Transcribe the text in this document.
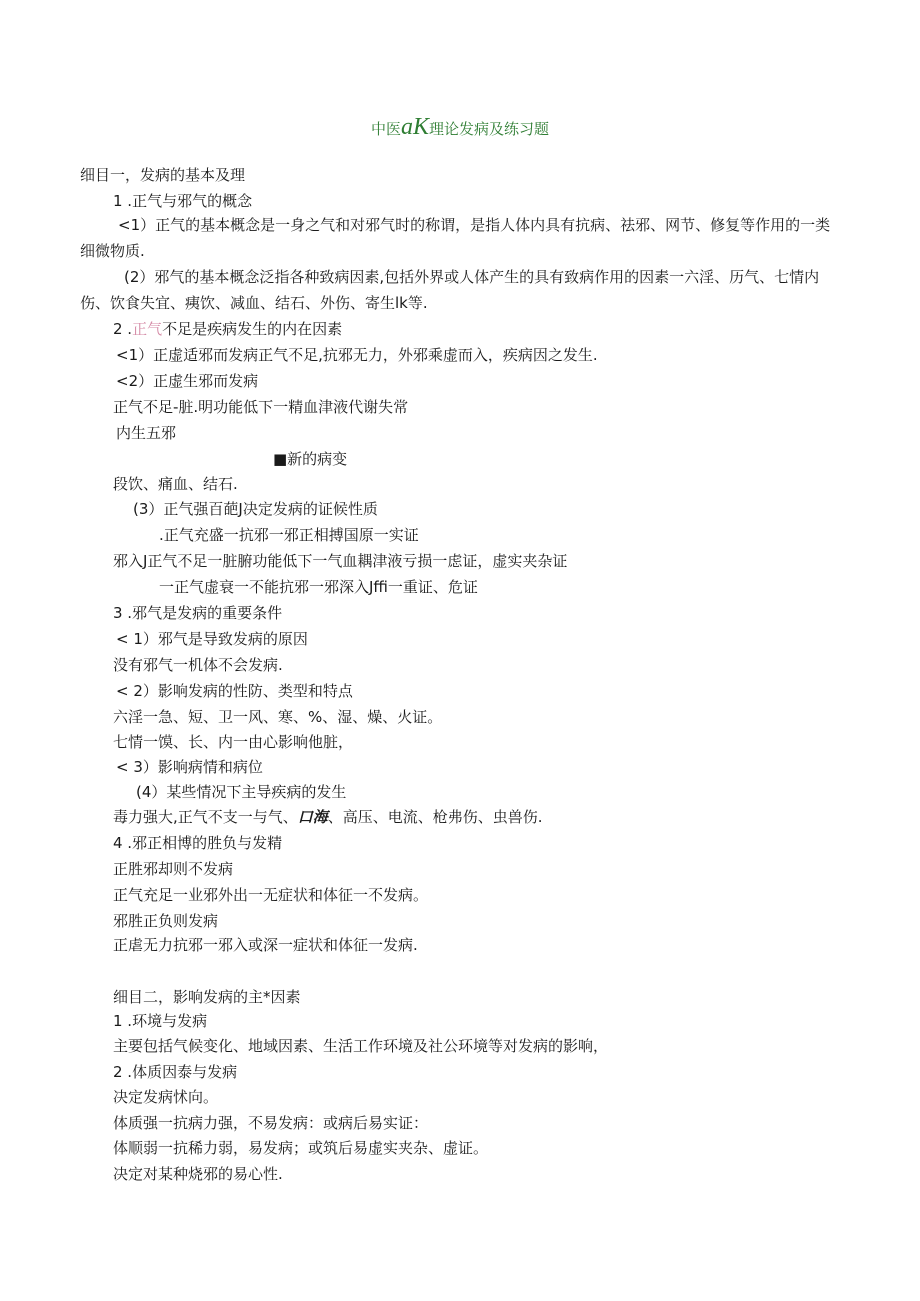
中医aK理论发病及练习题
细目一，发病的基本及理
1 .正气与邪气的概念
<1）正气的基本概念是一身之气和对邪气时的称谓，是指人体内具有抗病、祛邪、网节、修复等作用的一类细微物质.
(2）邪气的基本概念泛指各种致病因素,包括外界或人体产生的具有致病作用的因素一六淫、历气、七情内伤、饮食失宜、痍饮、减血、结石、外伤、寄生lk等.
2 .正气不足是疾病发生的内在因素
<1）正虚适邪而发病正气不足,抗邪无力，外邪乘虚而入，疾病因之发生.
<2）正虚生邪而发病
正气不足-脏.明功能低下一精血津液代谢失常
内生五邪
■新的病变
段饮、痛血、结石.
(3）正气强百葩J决定发病的证候性质
.正气充盛一抗邪一邪正相搏国原一实证
邪入J正气不足一脏腑功能低下一气血耦津液亏损一虑证，虚实夹杂证
一正气虚衰一不能抗邪一邪深入Jffi一重证、危证
3 .邪气是发病的重要条件
< 1）邪气是导致发病的原因
没有邪气一机体不会发病.
< 2）影响发病的性防、类型和特点
六淫一急、短、卫一风、寒、%、湿、燥、火证。
七情一馍、长、内一由心影响他脏，
< 3）影响病情和病位
(4）某些情况下主导疾病的发生
毒力强大,正气不支一与气、口海、高压、电流、枪弗伤、虫兽伤.
4 .邪正相博的胜负与发精
正胜邪却则不发病
正气充足一业邪外出一无症状和体征一不发病。
邪胜正负则发病
正虐无力抗邪一邪入或深一症状和体征一发病.
细目二，影响发病的主*因素
1 .环境与发病
主要包括气候变化、地域因素、生活工作环境及社公环境等对发病的影响，
2 .体质因泰与发病
决定发病怵向。
体质强一抗病力强，不易发病：或病后易实证：
体顺弱一抗稀力弱，易发病；或筑后易虚实夹杂、虚证。
决定对某种烧邪的易心性.
